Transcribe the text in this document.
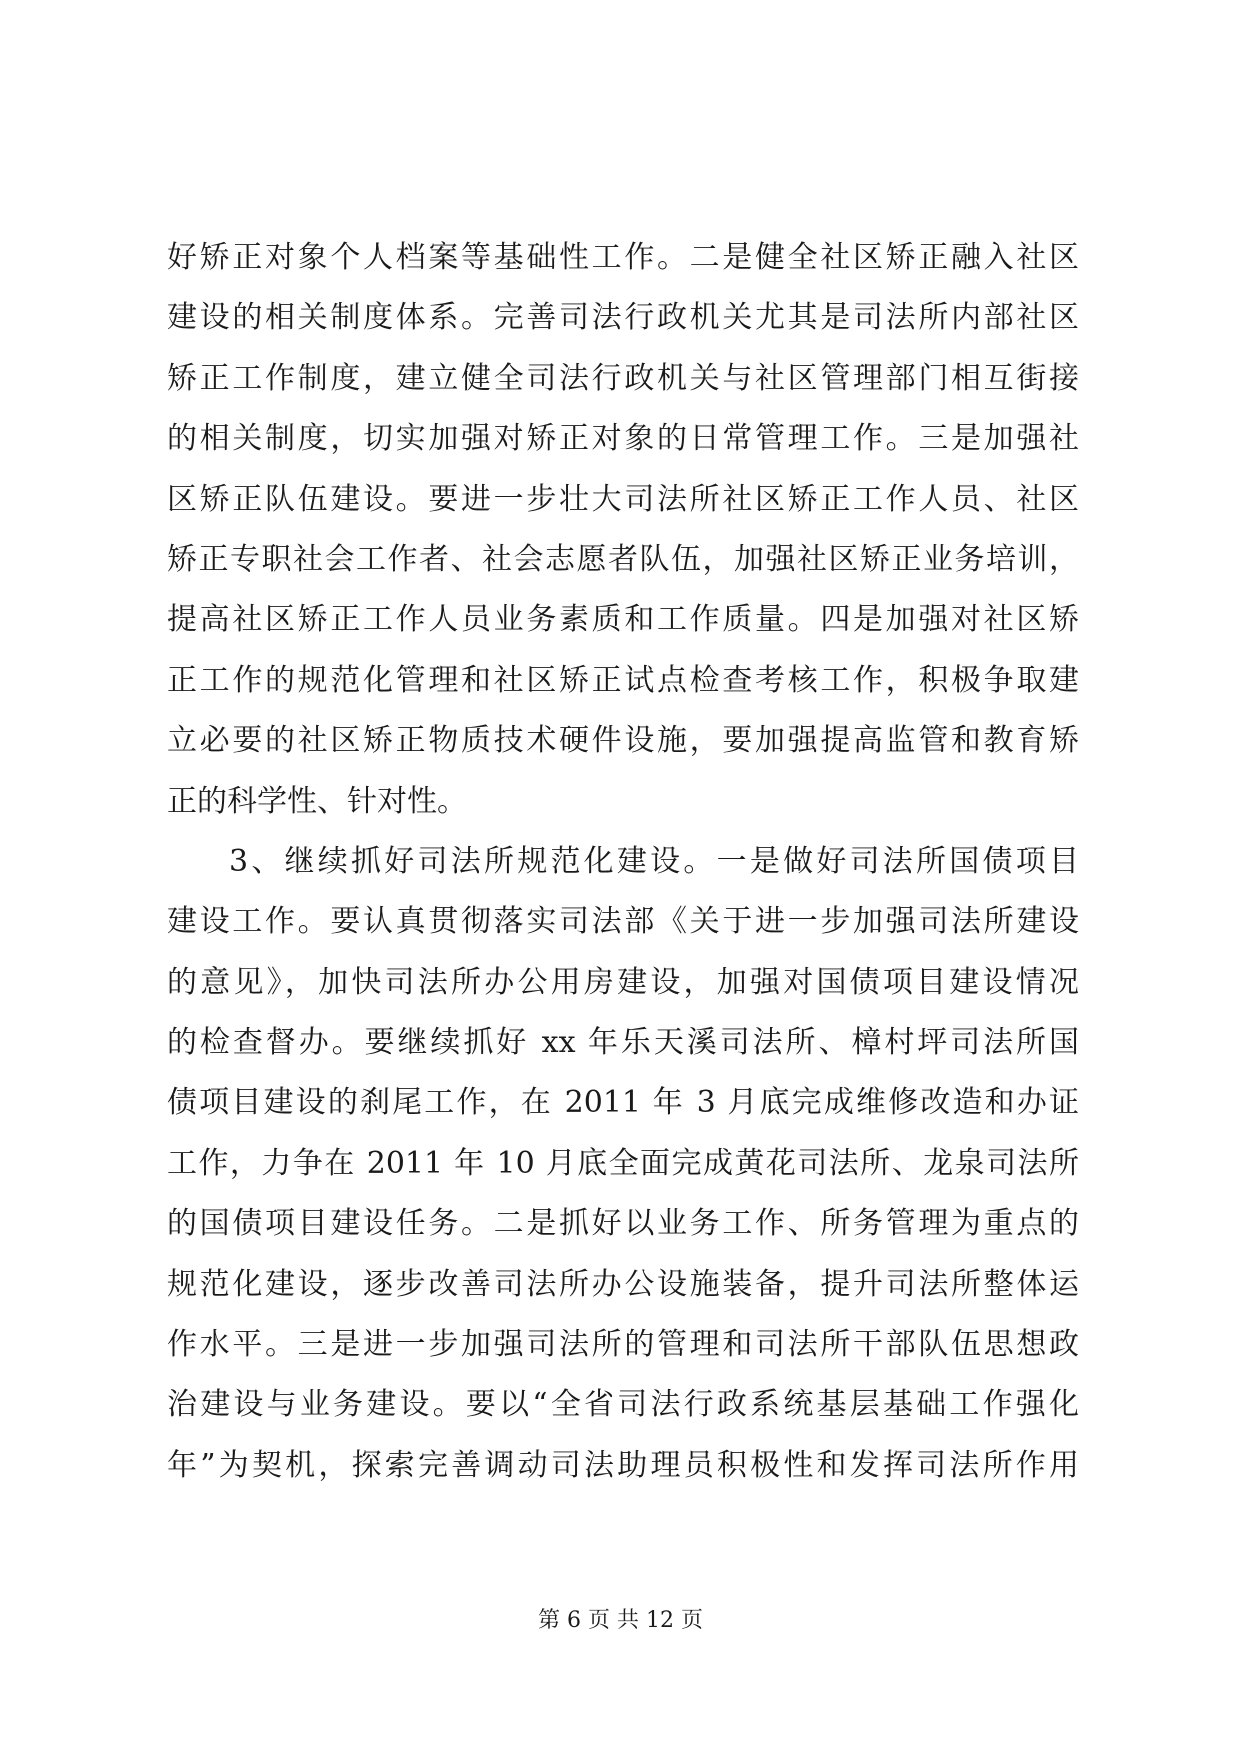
好矫正对象个人档案等基础性工作。二是健全社区矫正融入社区
建设的相关制度体系。完善司法行政机关尤其是司法所内部社区
矫正工作制度，建立健全司法行政机关与社区管理部门相互街接
的相关制度，切实加强对矫正对象的日常管理工作。三是加强社
区矫正队伍建设。要进一步壮大司法所社区矫正工作人员、社区
矫正专职社会工作者、社会志愿者队伍，加强社区矫正业务培训，
提高社区矫正工作人员业务素质和工作质量。四是加强对社区矫
正工作的规范化管理和社区矫正试点检查考核工作，积极争取建
立必要的社区矫正物质技术硬件设施，要加强提高监管和教育矫
正的科学性、针对性。
3、继续抓好司法所规范化建设。一是做好司法所国债项目
建设工作。要认真贯彻落实司法部《关于进一步加强司法所建设
的意见》，加快司法所办公用房建设，加强对国债项目建设情况
的检查督办。要继续抓好 xx 年乐天溪司法所、樟村坪司法所国
债项目建设的刹尾工作，在 2011 年 3 月底完成维修改造和办证
工作，力争在 2011 年 10 月底全面完成黄花司法所、龙泉司法所
的国债项目建设任务。二是抓好以业务工作、所务管理为重点的
规范化建设，逐步改善司法所办公设施装备，提升司法所整体运
作水平。三是进一步加强司法所的管理和司法所干部队伍思想政
治建设与业务建设。要以“全省司法行政系统基层基础工作强化
年”为契机，探索完善调动司法助理员积极性和发挥司法所作用
第 6 页 共 12 页
